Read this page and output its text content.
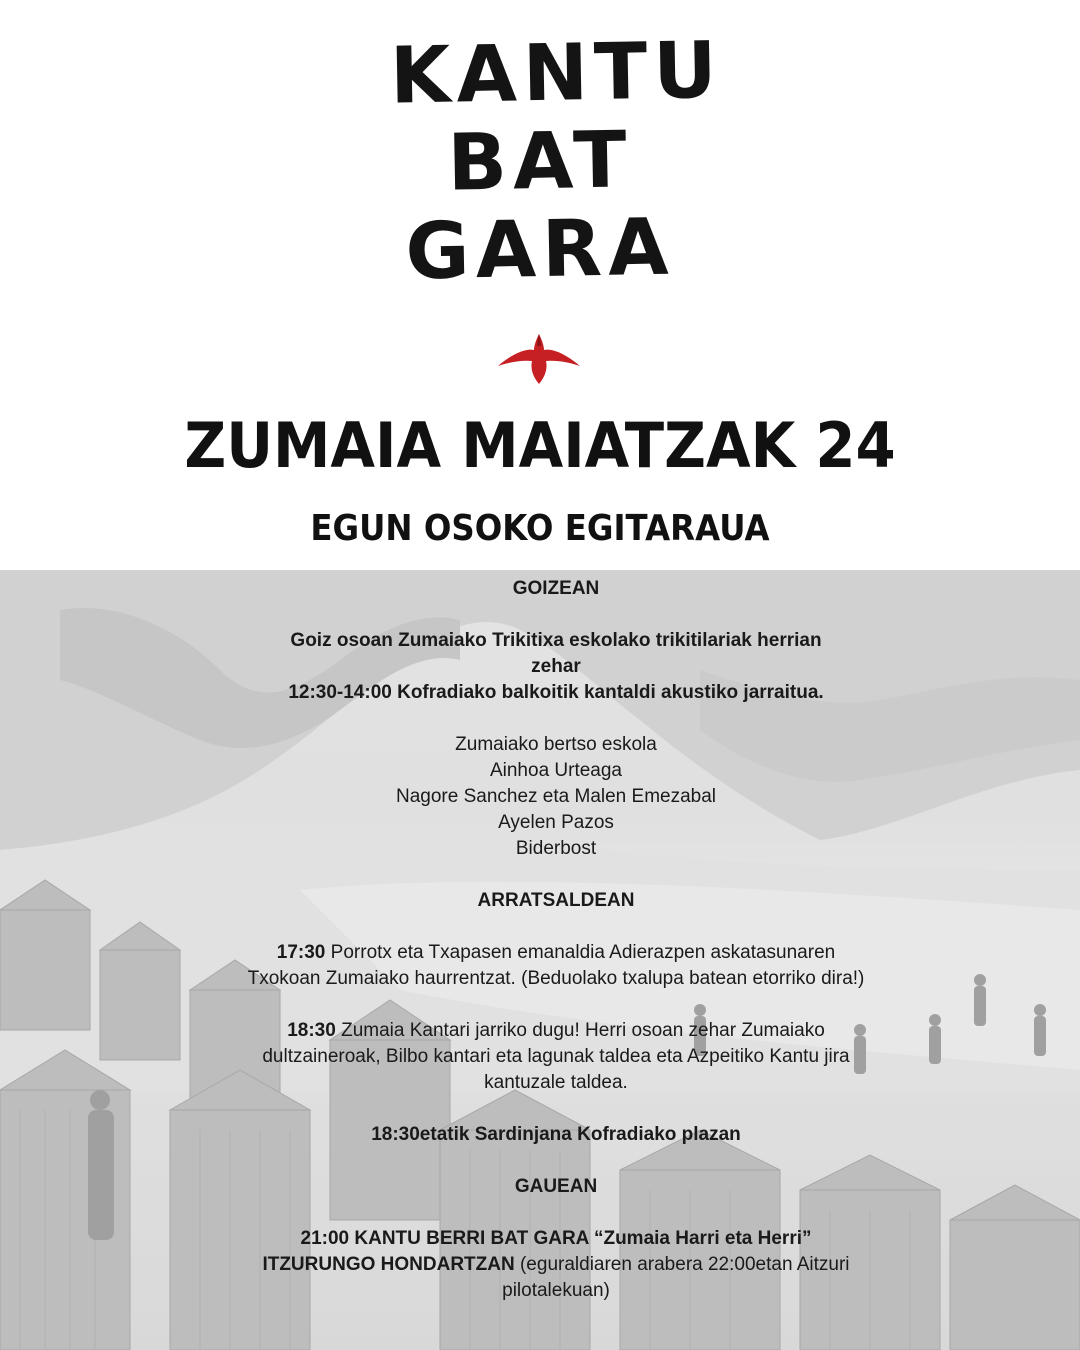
KANTU
BAT
GARA
ZUMAIA MAIATZAK 24
EGUN OSOKO EGITARAUA

GOIZEAN

Goiz osoan Zumaiako Trikitixa eskolako trikitilariak herrian zehar

12:30-14:00 Kofradiako balkoitik kantaldi akustiko jarraitua.

Zumaiako bertso eskola

Ainhoa Urteaga

Nagore Sanchez eta Malen Emezabal

Ayelen Pazos

Biderbost

ARRATSALDEAN

17:30 Porrotx eta Txapasen emanaldia Adierazpen askatasunaren Txokoan Zumaiako haurrentzat. (Beduolako txalupa batean etorriko dira!)

18:30 Zumaia Kantari jarriko dugu! Herri osoan zehar Zumaiako dultzaineroak, Bilbo kantari eta lagunak taldea eta Azpeitiko Kantu jira kantuzale taldea.

18:30etatik Sardinjana Kofradiako plazan

GAUEAN

21:00 KANTU BERRI BAT GARA “Zumaia Harri eta Herri” ITZURUNGO HONDARTZAN (eguraldiaren arabera 22:00etan Aitzuri pilotalekuan)
